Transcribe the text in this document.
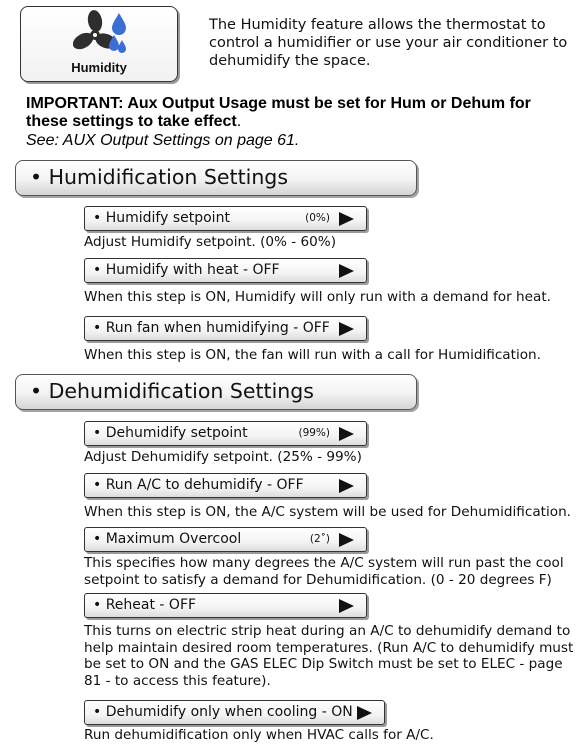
Humidity
The Humidity feature allows the thermostat to control a humidifier or use your air conditioner to dehumidify the space.
IMPORTANT: Aux Output Usage must be set for Hum or Dehum for these settings to take effect.
See: AUX Output Settings on page 61.
• Humidification Settings
• Humidify setpoint	(0%)
Adjust Humidify setpoint. (0% - 60%)
• Humidify with heat - OFF
When this step is ON, Humidify will only run with a demand for heat.
• Run fan when humidifying - OFF
When this step is ON, the fan will run with a call for Humidification.
• Dehumidification Settings
• Dehumidify setpoint	(99%)
Adjust Dehumidify setpoint. (25% - 99%)
• Run A/C to dehumidify - OFF
When this step is ON, the A/C system will be used for Dehumidification.
• Maximum Overcool	(2˚)
This specifies how many degrees the A/C system will run past the cool setpoint to satisfy a demand for Dehumidification. (0 - 20 degrees F)
• Reheat - OFF
This turns on electric strip heat during an A/C to dehumidify demand to help maintain desired room temperatures. (Run A/C to dehumidify must be set to ON and the GAS ELEC Dip Switch must be set to ELEC - page 81 - to access this feature).
• Dehumidify only when cooling - ON
Run dehumidification only when HVAC calls for A/C.
